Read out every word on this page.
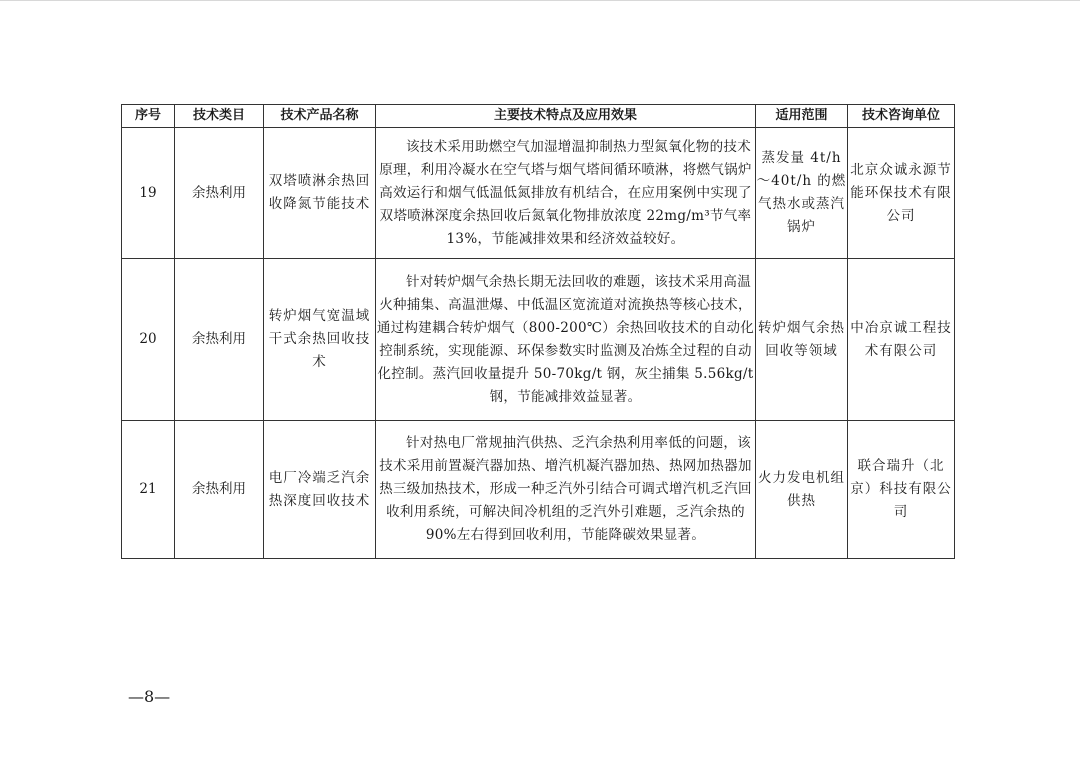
序号	技术类目	技术产品名称	主要技术特点及应用效果	适用范围	技术咨询单位
19	余热利用	双塔喷淋余热回收降氮节能技术	该技术采用助燃空气加湿增温抑制热力型氮氧化物的技术原理，利用冷凝水在空气塔与烟气塔间循环喷淋，将燃气锅炉高效运行和烟气低温低氮排放有机结合，在应用案例中实现了双塔喷淋深度余热回收后氮氧化物排放浓度 22mg/m³节气率 13%，节能减排效果和经济效益较好。	蒸发量 4t/h～40t/h 的燃气热水或蒸汽锅炉	北京众诚永源节能环保技术有限公司
20	余热利用	转炉烟气宽温域干式余热回收技术	针对转炉烟气余热长期无法回收的难题，该技术采用高温火种捕集、高温泄爆、中低温区宽流道对流换热等核心技术，通过构建耦合转炉烟气（800-200℃）余热回收技术的自动化控制系统，实现能源、环保参数实时监测及冶炼全过程的自动化控制。蒸汽回收量提升 50-70kg/t 钢，灰尘捕集 5.56kg/t 钢，节能减排效益显著。	转炉烟气余热回收等领域	中冶京诚工程技术有限公司
21	余热利用	电厂冷端乏汽余热深度回收技术	针对热电厂常规抽汽供热、乏汽余热利用率低的问题，该技术采用前置凝汽器加热、增汽机凝汽器加热、热网加热器加热三级加热技术，形成一种乏汽外引结合可调式增汽机乏汽回收利用系统，可解决间冷机组的乏汽外引难题，乏汽余热的 90%左右得到回收利用，节能降碳效果显著。	火力发电机组供热	联合瑞升（北京）科技有限公司
—8—
